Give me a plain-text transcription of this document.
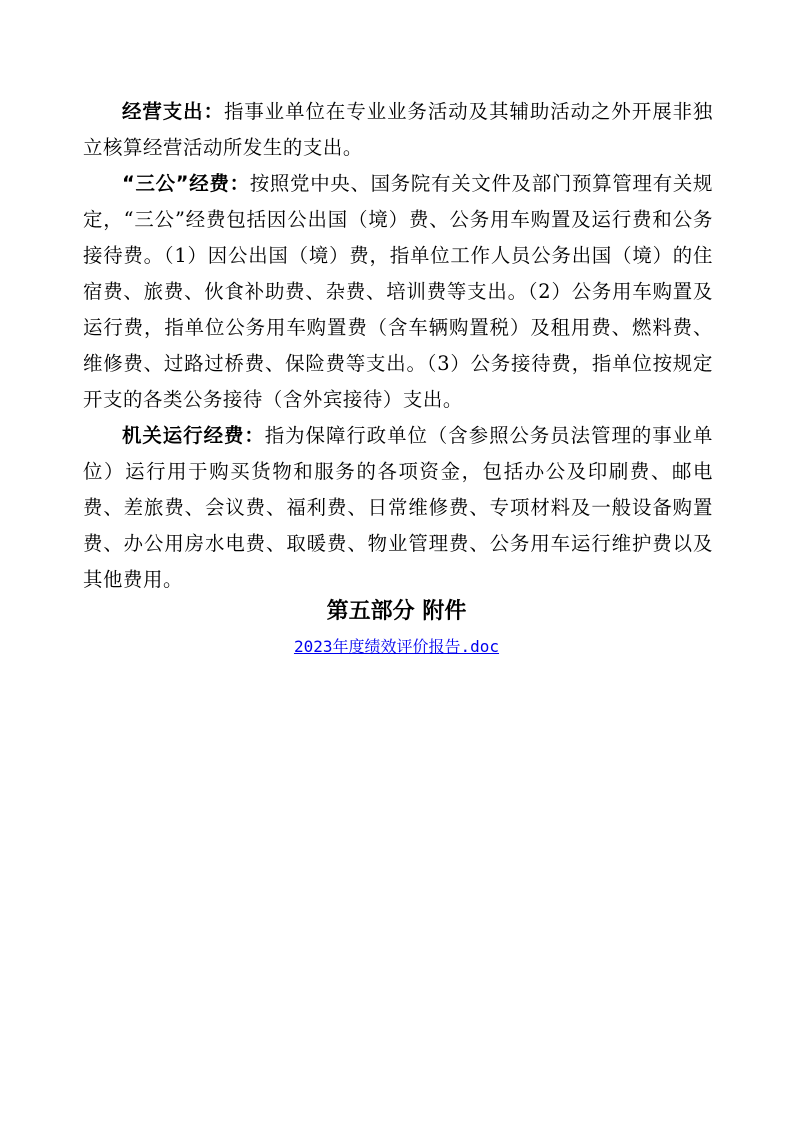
经营支出：指事业单位在专业业务活动及其辅助活动之外开展非独立核算经营活动所发生的支出。

“三公”经费：按照党中央、国务院有关文件及部门预算管理有关规定，“三公”经费包括因公出国（境）费、公务用车购置及运行费和公务接待费。（1）因公出国（境）费，指单位工作人员公务出国（境）的住宿费、旅费、伙食补助费、杂费、培训费等支出。（2）公务用车购置及运行费，指单位公务用车购置费（含车辆购置税）及租用费、燃料费、维修费、过路过桥费、保险费等支出。（3）公务接待费，指单位按规定开支的各类公务接待（含外宾接待）支出。

机关运行经费：指为保障行政单位（含参照公务员法管理的事业单位）运行用于购买货物和服务的各项资金，包括办公及印刷费、邮电费、差旅费、会议费、福利费、日常维修费、专项材料及一般设备购置费、办公用房水电费、取暖费、物业管理费、公务用车运行维护费以及其他费用。

第五部分 附件
2023年度绩效评价报告.doc
